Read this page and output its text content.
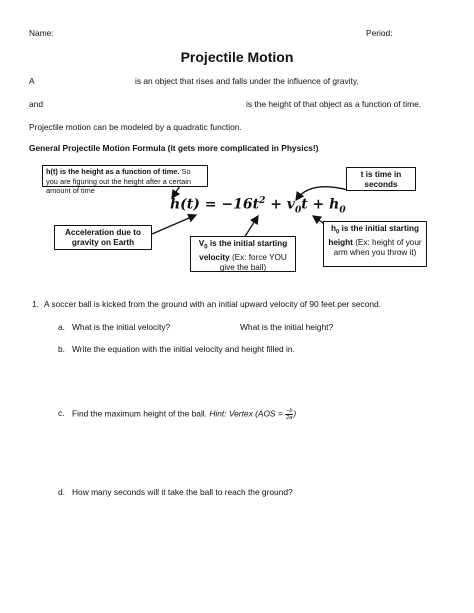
Name:	Period:
Projectile Motion
A	is an object that rises and falls under the influence of gravity,
and	is the height of that object as a function of time.
Projectile motion can be modeled by a quadratic function.
General Projectile Motion Formula (it gets more complicated in Physics!)
h(t) is the height as a function of time. So you are figuring out the height after a certain amount of time
t is time in seconds
Acceleration due to gravity on Earth	$V_0$ is the initial starting velocity (Ex: force YOU give the ball)
$h_0$ is the initial starting height (Ex: height of your arm when you throw it)
$h(t) = -16t^2 + v_0t + h_0$
1. A soccer ball is kicked from the ground with an initial upward velocity of 90 feet per second.
a. What is the initial velocity?	What is the initial height?
b. Write the equation with the initial velocity and height filled in.
c. Find the maximum height of the ball. Hint: Vertex ($AOS = \frac{-b}{2a}$ )
d. How many seconds will it take the ball to reach the ground?
